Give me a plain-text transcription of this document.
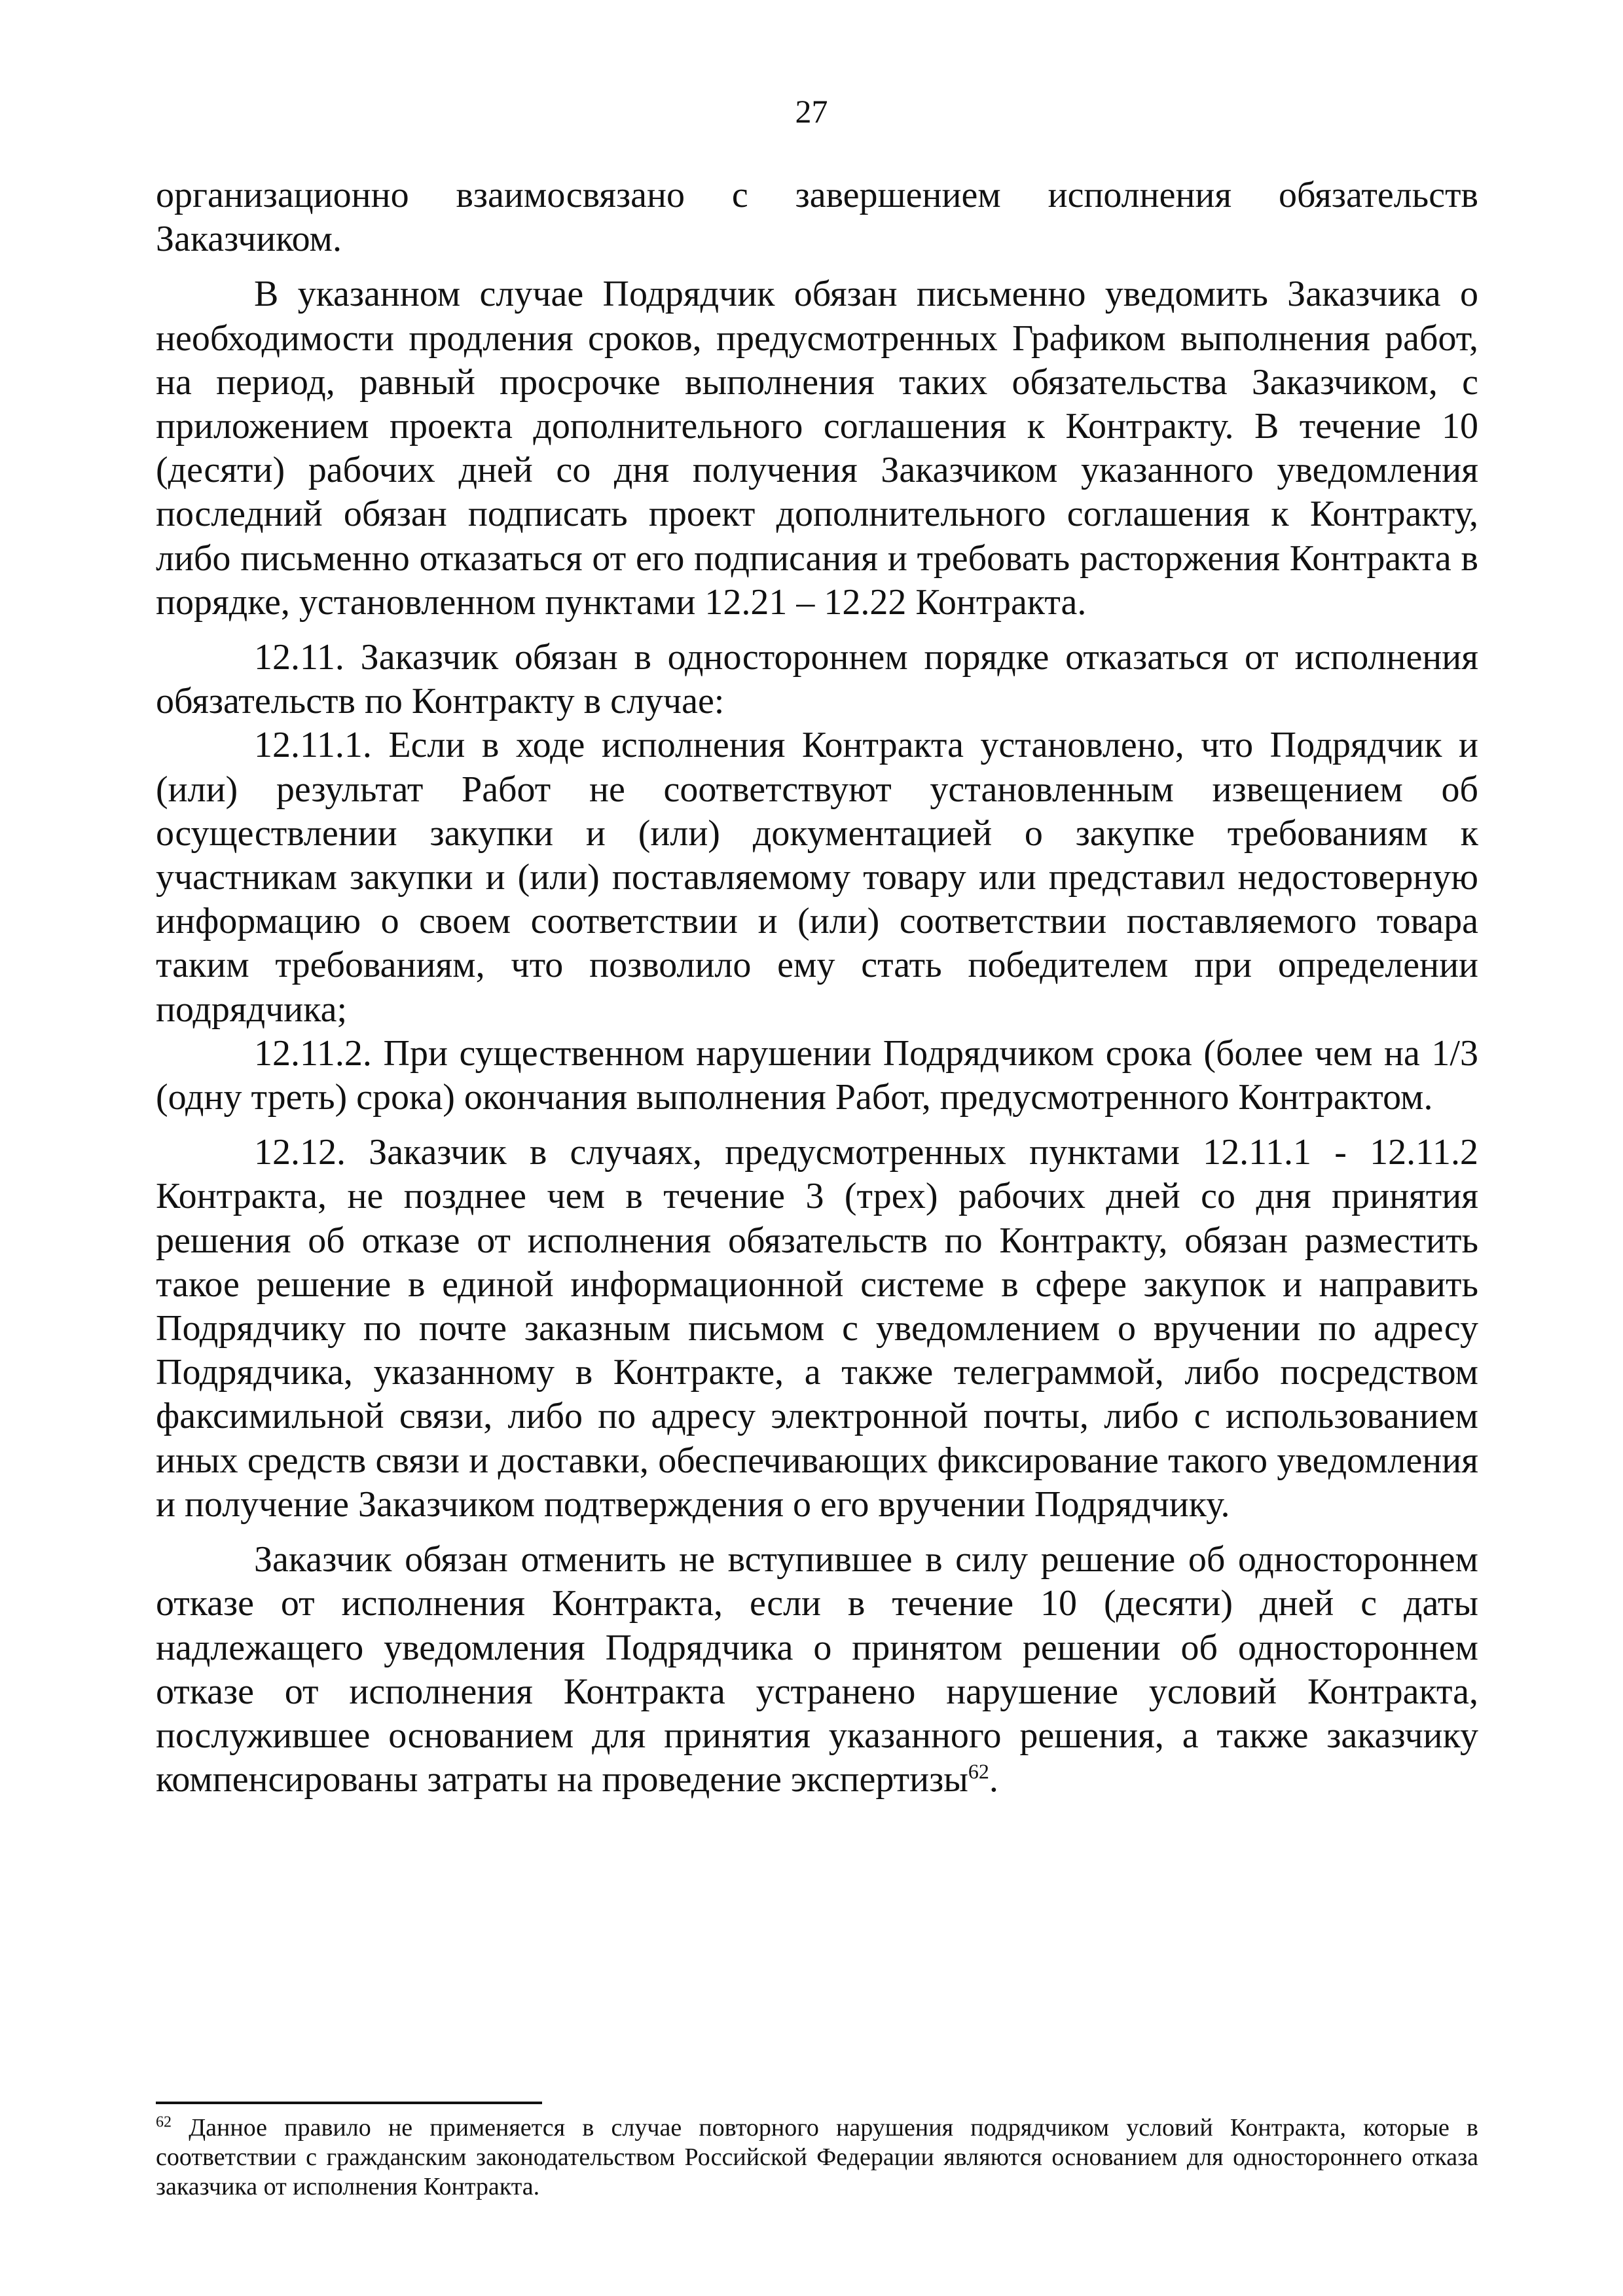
27

организационно взаимосвязано с завершением исполнения обязательств Заказчиком.

В указанном случае Подрядчик обязан письменно уведомить Заказчика о необходимости продления сроков, предусмотренных Графиком выполнения работ, на период, равный просрочке выполнения таких обязательства Заказчиком, с приложением проекта дополнительного соглашения к Контракту. В течение 10 (десяти) рабочих дней со дня получения Заказчиком указанного уведомления последний обязан подписать проект дополнительного соглашения к Контракту, либо письменно отказаться от его подписания и требовать расторжения Контракта в порядке, установленном пунктами 12.21 – 12.22 Контракта.

12.11. Заказчик обязан в одностороннем порядке отказаться от исполнения обязательств по Контракту в случае:

12.11.1. Если в ходе исполнения Контракта установлено, что Подрядчик и (или) результат Работ не соответствуют установленным извещением об осуществлении закупки и (или) документацией о закупке требованиям к участникам закупки и (или) поставляемому товару или представил недостоверную информацию о своем соответствии и (или) соответствии поставляемого товара таким требованиям, что позволило ему стать победителем при определении подрядчика;

12.11.2. При существенном нарушении Подрядчиком срока (более чем на 1/3 (одну треть) срока) окончания выполнения Работ, предусмотренного Контрактом.

12.12. Заказчик в случаях, предусмотренных пунктами 12.11.1 - 12.11.2 Контракта, не позднее чем в течение 3 (трех) рабочих дней со дня принятия решения об отказе от исполнения обязательств по Контракту, обязан разместить такое решение в единой информационной системе в сфере закупок и направить Подрядчику по почте заказным письмом с уведомлением о вручении по адресу Подрядчика, указанному в Контракте, а также телеграммой, либо посредством факсимильной связи, либо по адресу электронной почты, либо с использованием иных средств связи и доставки, обеспечивающих фиксирование такого уведомления и получение Заказчиком подтверждения о его вручении Подрядчику.

Заказчик обязан отменить не вступившее в силу решение об одностороннем отказе от исполнения Контракта, если в течение 10 (десяти) дней с даты надлежащего уведомления Подрядчика о принятом решении об одностороннем отказе от исполнения Контракта устранено нарушение условий Контракта, послужившее основанием для принятия указанного решения, а также заказчику компенсированы затраты на проведение экспертизы$^{62}$.

$^{62}$ Данное правило не применяется в случае повторного нарушения подрядчиком условий Контракта, которые в соответствии с гражданским законодательством Российской Федерации являются основанием для одностороннего отказа заказчика от исполнения Контракта.
